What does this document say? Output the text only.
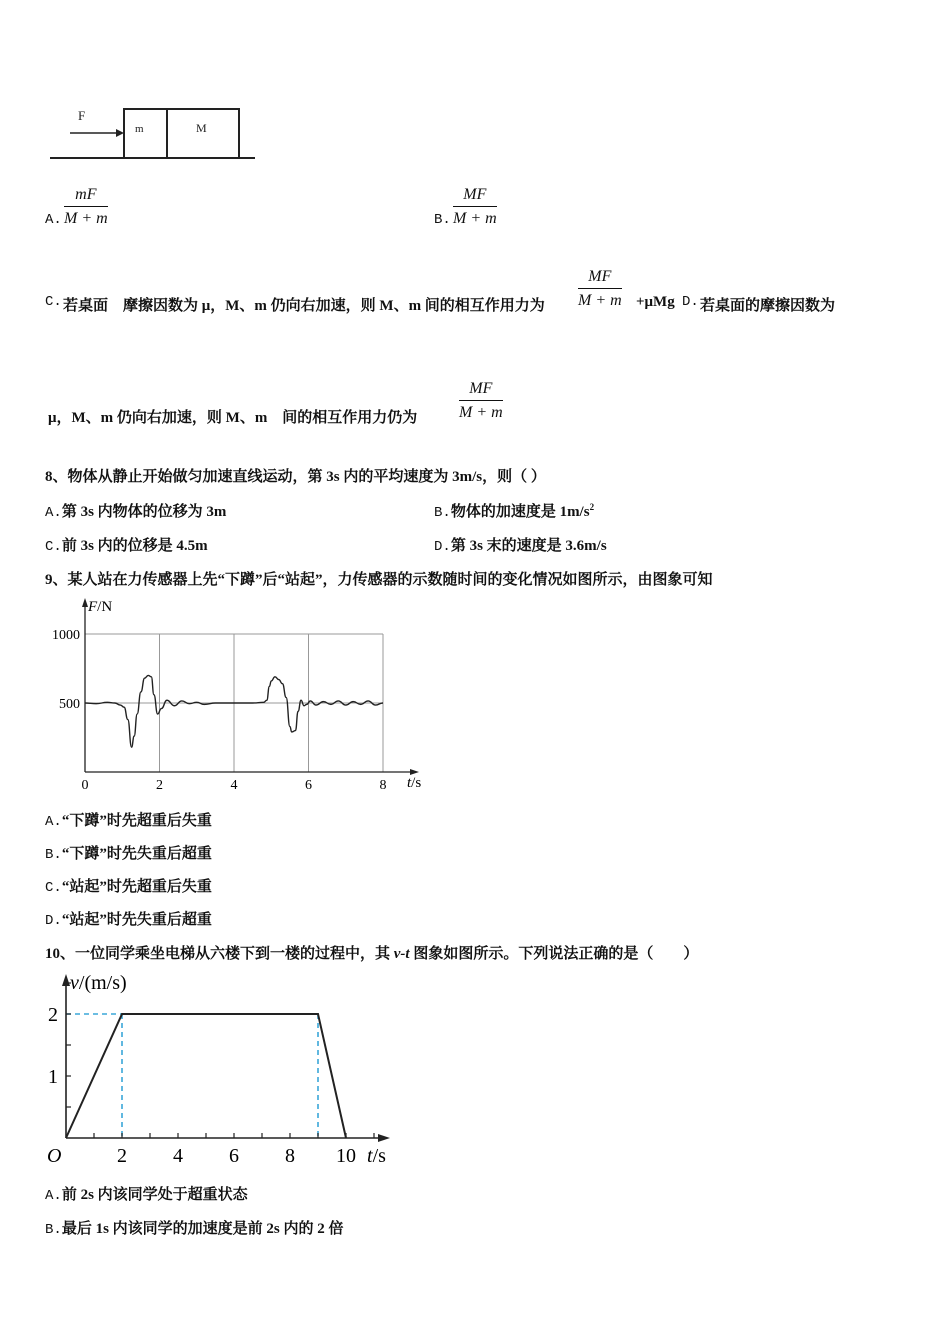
F
m	M
A. $\frac{mF}{M + m}$	B. $\frac{MF}{M + m}$
C. 若桌面　摩擦因数为 μ，M、m 仍向右加速，则 M、m 间的相互作用力为 $\frac{MF}{M + m} +\mu Mg$ D. 若桌面的摩擦因数为
μ，M、m 仍向右加速，则 M、m　间的相互作用力仍为	$\frac{MF}{M + m}$
8、物体从静止开始做匀加速直线运动，第 3s 内的平均速度为 3m/s，则（ ）
A.第 3s 内物体的位移为 3m	B.物体的加速度是 $1m/s^2$
C.前 3s 内的位移是 4.5m	D.第 3s 末的速度是 3.6m/s
9、某人站在力传感器上先“下蹲”后“站起”，力传感器的示数随时间的变化情况如图所示，由图象可知
500
1000
0	2	4	6	8
F/N
t/s
A.“下蹲”时先超重后失重
B.“下蹲”时先失重后超重
C.“站起”时先超重后失重
D.“站起”时先失重后超重
10、一位同学乘坐电梯从六楼下到一楼的过程中，其 v-t 图象如图所示。下列说法正确的是（　　）
2 4 6 8 10
1
2
v/(m/s)
t/s
O
A.前 2s 内该同学处于超重状态
B.最后 1s 内该同学的加速度是前 2s 内的 2 倍
